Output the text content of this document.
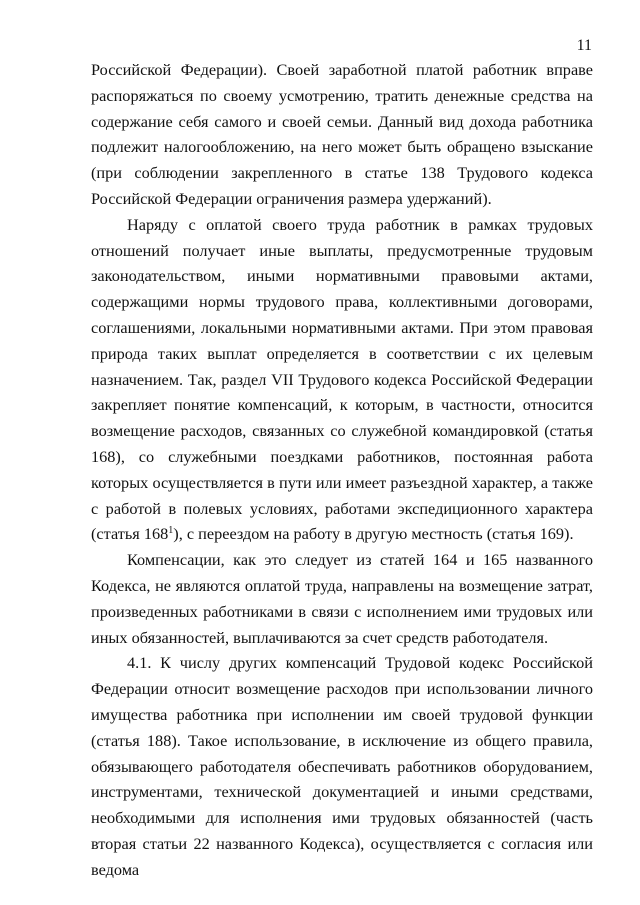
11

Российской Федерации). Своей заработной платой работник вправе распоряжаться по своему усмотрению, тратить денежные средства на содержание себя самого и своей семьи. Данный вид дохода работника подлежит налогообложению, на него может быть обращено взыскание (при соблюдении закрепленного в статье 138 Трудового кодекса Российской Федерации ограничения размера удержаний).

Наряду с оплатой своего труда работник в рамках трудовых отношений получает иные выплаты, предусмотренные трудовым законодательством, иными нормативными правовыми актами, содержащими нормы трудового права, коллективными договорами, соглашениями, локальными нормативными актами. При этом правовая природа таких выплат определяется в соответствии с их целевым назначением. Так, раздел VII Трудового кодекса Российской Федерации закрепляет понятие компенсаций, к которым, в частности, относится возмещение расходов, связанных со служебной командировкой (статья 168), со служебными поездками работников, постоянная работа которых осуществляется в пути или имеет разъездной характер, а также с работой в полевых условиях, работами экспедиционного характера (статья $168^1$), с переездом на работу в другую местность (статья 169).

Компенсации, как это следует из статей 164 и 165 названного Кодекса, не являются оплатой труда, направлены на возмещение затрат, произведенных работниками в связи с исполнением ими трудовых или иных обязанностей, выплачиваются за счет средств работодателя.

4.1. К числу других компенсаций Трудовой кодекс Российской Федерации относит возмещение расходов при использовании личного имущества работника при исполнении им своей трудовой функции (статья 188). Такое использование, в исключение из общего правила, обязывающего работодателя обеспечивать работников оборудованием, инструментами, технической документацией и иными средствами, необходимыми для исполнения ими трудовых обязанностей (часть вторая статьи 22 названного Кодекса), осуществляется с согласия или ведома
